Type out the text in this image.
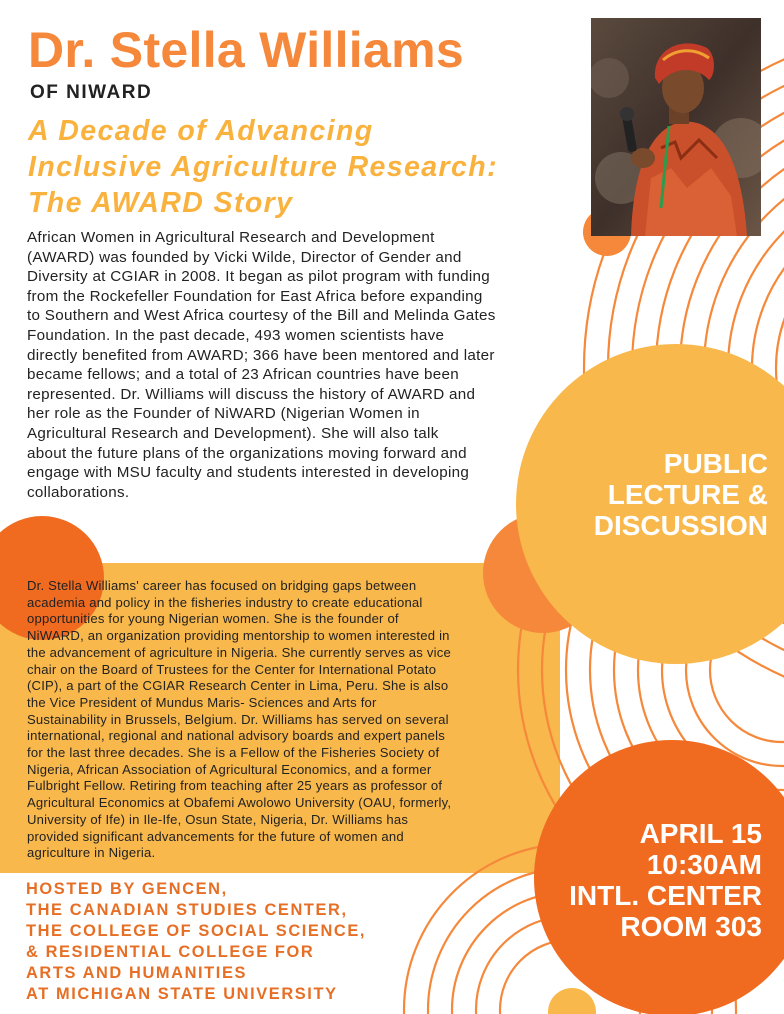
Dr. Stella Williams
OF NIWARD
A Decade of Advancing
Inclusive Agriculture Research:
The AWARD Story

African Women in Agricultural Research and Development
(AWARD) was founded by Vicki Wilde, Director of Gender and
Diversity at CGIAR in 2008. It began as pilot program with funding
from the Rockefeller Foundation for East Africa before expanding
to Southern and West Africa courtesy of the Bill and Melinda Gates
Foundation. In the past decade, 493 women scientists have
directly benefited from AWARD; 366 have been mentored and later
became fellows; and a total of 23 African countries have been
represented. Dr. Williams will discuss the history of AWARD and
her role as the Founder of NiWARD (Nigerian Women in
Agricultural Research and Development). She will also talk
about the future plans of the organizations moving forward and
engage with MSU faculty and students interested in developing
collaborations.

Dr. Stella Williams' career has focused on bridging gaps between
academia and policy in the fisheries industry to create educational
opportunities for young Nigerian women. She is the founder of
NiWARD, an organization providing mentorship to women interested in
the advancement of agriculture in Nigeria. She currently serves as vice
chair on the Board of Trustees for the Center for International Potato
(CIP), a part of the CGIAR Research Center in Lima, Peru. She is also
the Vice President of Mundus Maris- Sciences and Arts for
Sustainability in Brussels, Belgium. Dr. Williams has served on several
international, regional and national advisory boards and expert panels
for the last three decades. She is a Fellow of the Fisheries Society of
Nigeria, African Association of Agricultural Economics, and a former
Fulbright Fellow. Retiring from teaching after 25 years as professor of
Agricultural Economics at Obafemi Awolowo University (OAU, formerly,
University of Ife) in Ile-Ife, Osun State, Nigeria, Dr. Williams has
provided significant advancements for the future of women and
agriculture in Nigeria.

HOSTED BY GENCEN,
THE CANADIAN STUDIES CENTER,
THE COLLEGE OF SOCIAL SCIENCE,
& RESIDENTIAL COLLEGE FOR
ARTS AND HUMANITIES
AT MICHIGAN STATE UNIVERSITY

PUBLIC
LECTURE &
DISCUSSION

APRIL 15
10:30AM
INTL. CENTER
ROOM 303
